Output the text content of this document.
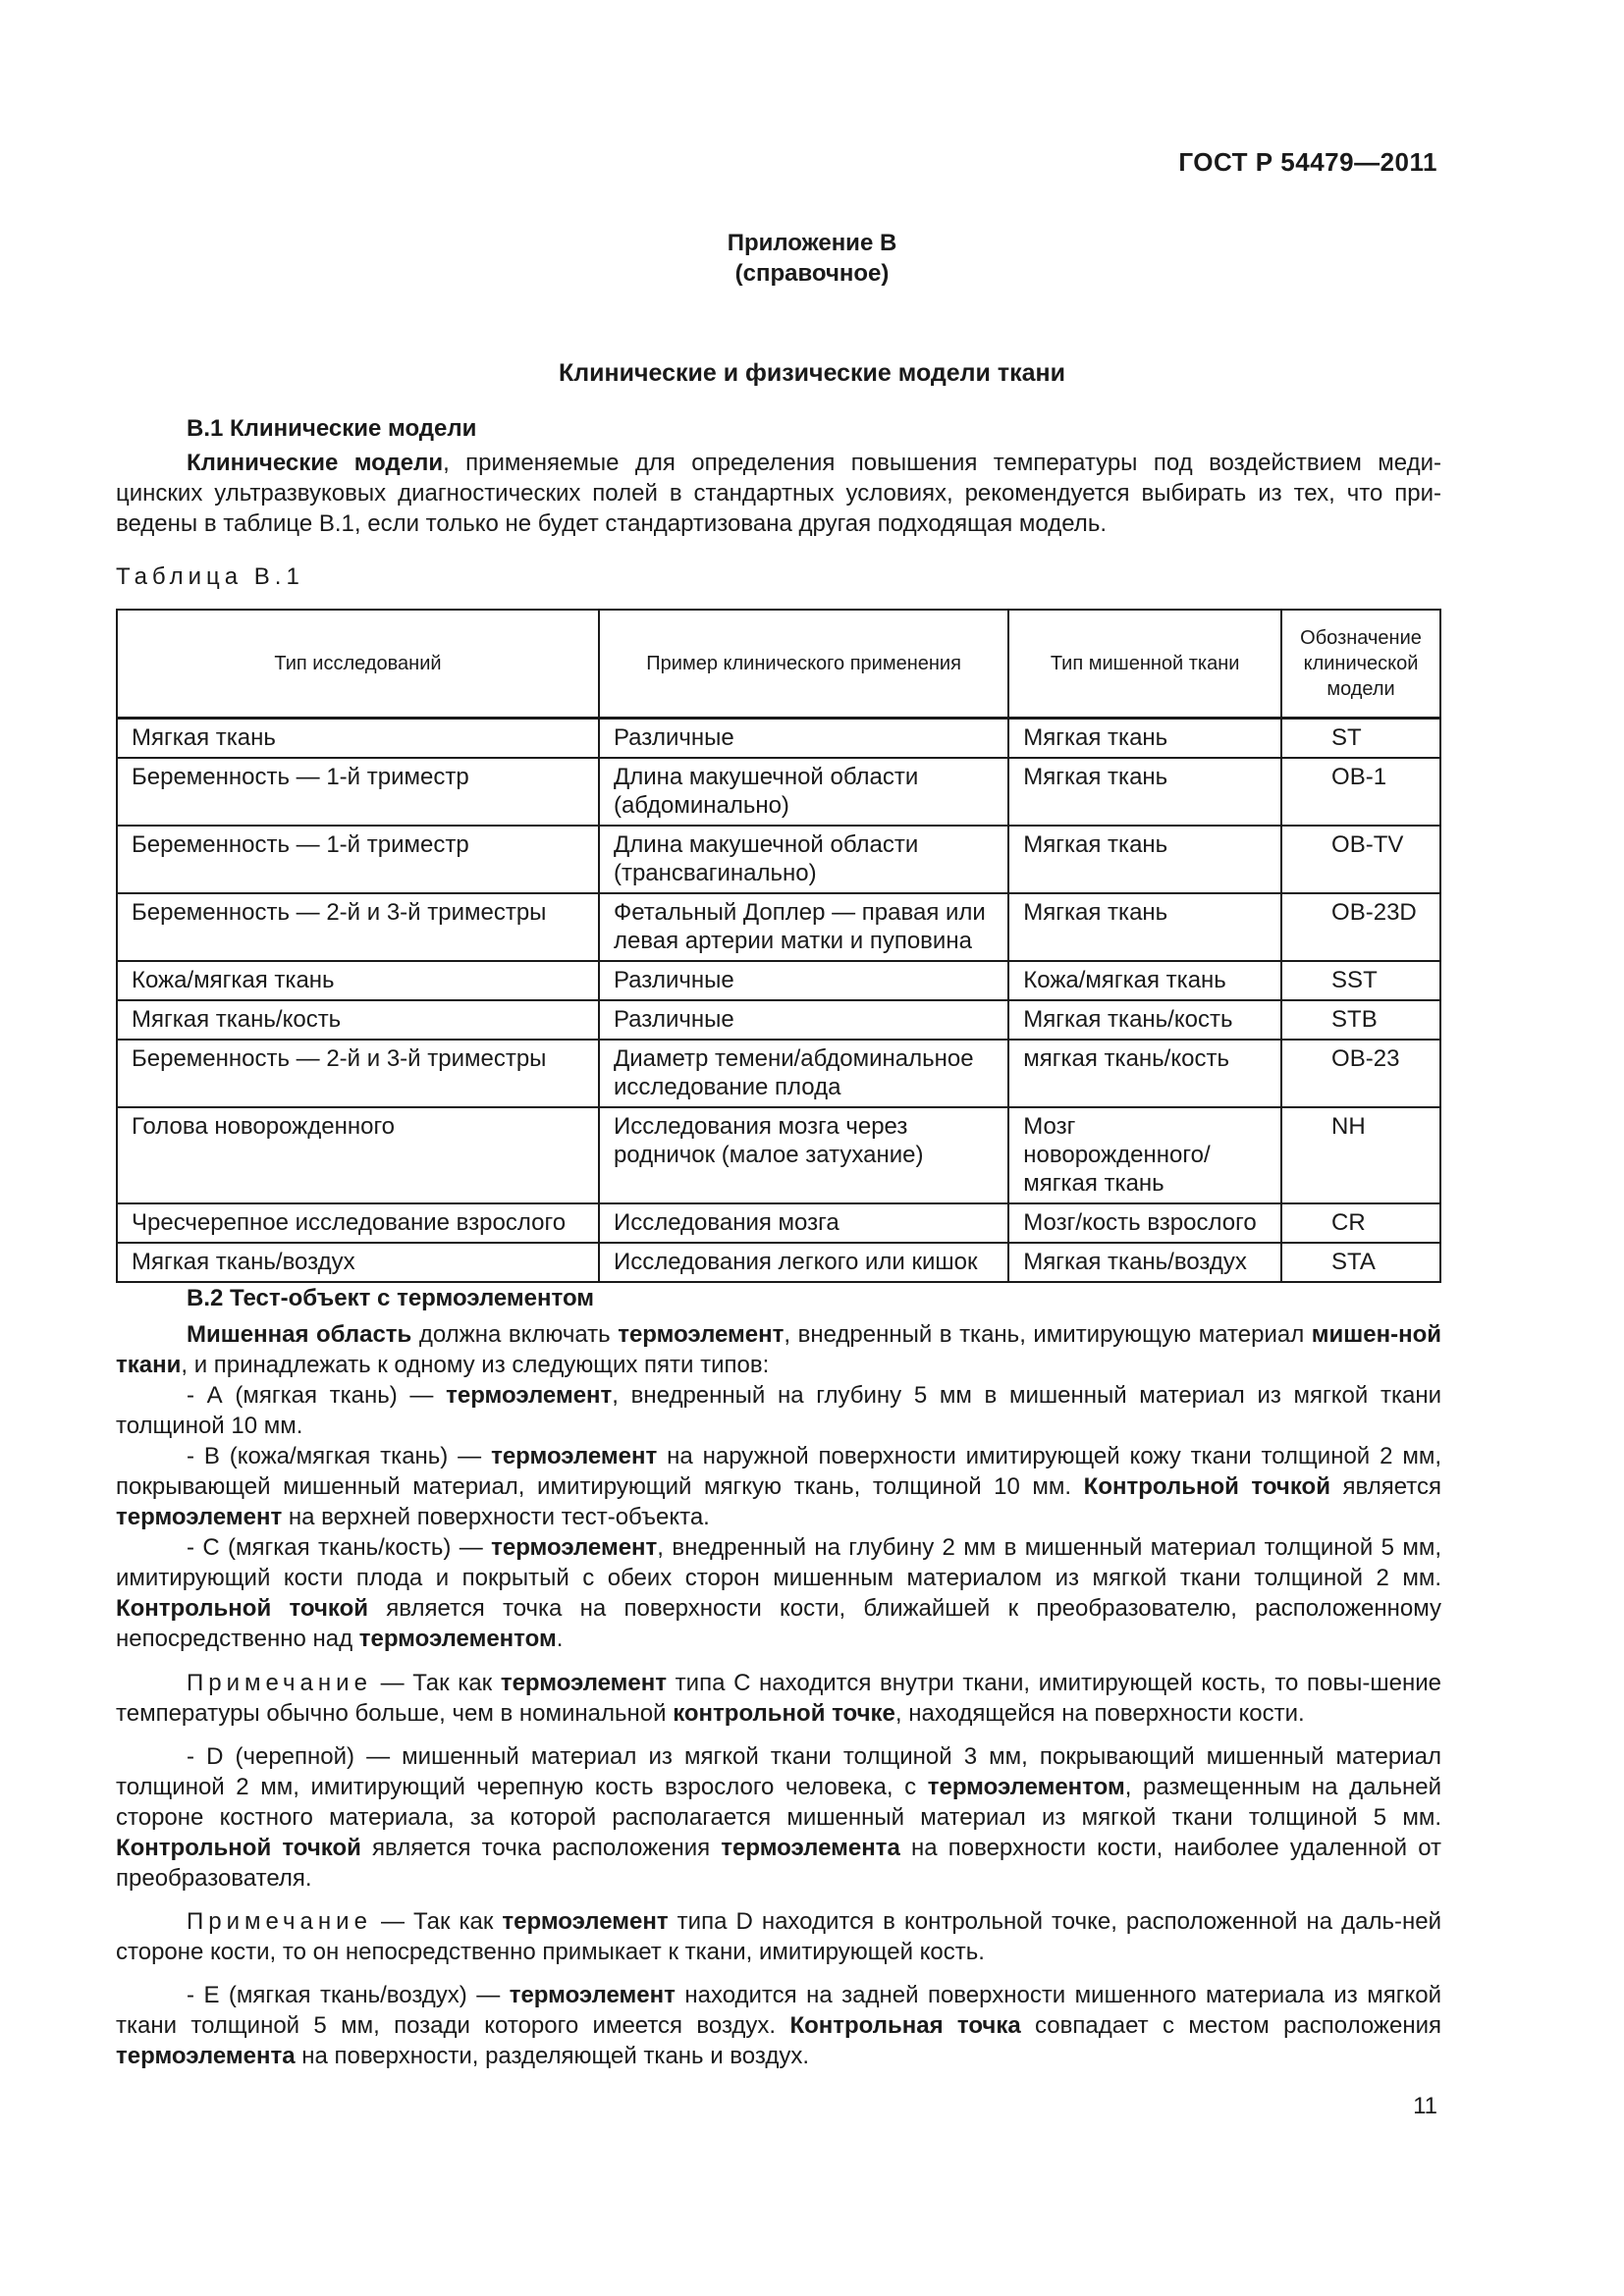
ГОСТ Р 54479—2011
Приложение В
(справочное)
Клинические и физические модели ткани

В.1 Клинические модели

Клинические модели, применяемые для определения повышения температуры под воздействием меди-цинских ультразвуковых диагностических полей в стандартных условиях, рекомендуется выбирать из тех, что при-ведены в таблице В.1, если только не будет стандартизована другая подходящая модель.

Таблица В.1

Тип исследований	Пример клинического применения	Тип мишенной ткани	Обозначение клинической модели
Мягкая ткань	Различные	Мягкая ткань	ST
Беременность — 1-й триместр	Длина макушечной области (абдоминально)	Мягкая ткань	OB-1
Беременность — 1-й триместр	Длина макушечной области (трансвагинально)	Мягкая ткань	OB-TV
Беременность — 2-й и 3-й триместры	Фетальный Доплер — правая или левая артерии матки и пуповина	Мягкая ткань	OB-23D
Кожа/мягкая ткань	Различные	Кожа/мягкая ткань	SST
Мягкая ткань/кость	Различные	Мягкая ткань/кость	STB
Беременность — 2-й и 3-й триместры	Диаметр темени/абдоминальное исследование плода	мягкая ткань/кость	OB-23
Голова новорожденного	Исследования мозга через родничок (малое затухание)	Мозг новорожденного/ мягкая ткань	NH
Чресчерепное исследование взрослого	Исследования мозга	Мозг/кость взрослого	CR
Мягкая ткань/воздух	Исследования легкого или кишок	Мягкая ткань/воздух	STA

В.2 Тест-объект с термоэлементом

Мишенная область должна включать термоэлемент, внедренный в ткань, имитирующую материал мишен-ной ткани, и принадлежать к одному из следующих пяти типов:

- А (мягкая ткань) — термоэлемент, внедренный на глубину 5 мм в мишенный материал из мягкой ткани толщиной 10 мм.

- В (кожа/мягкая ткань) — термоэлемент на наружной поверхности имитирующей кожу ткани толщиной 2 мм, покрывающей мишенный материал, имитирующий мягкую ткань, толщиной 10 мм. Контрольной точкой является термоэлемент на верхней поверхности тест-объекта.

- С (мягкая ткань/кость) — термоэлемент, внедренный на глубину 2 мм в мишенный материал толщиной 5 мм, имитирующий кости плода и покрытый с обеих сторон мишенным материалом из мягкой ткани толщиной 2 мм. Контрольной точкой является точка на поверхности кости, ближайшей к преобразователю, расположенному непосредственно над термоэлементом.

Примечание — Так как термоэлемент типа С находится внутри ткани, имитирующей кость, то повы-шение температуры обычно больше, чем в номинальной контрольной точке, находящейся на поверхности кости.

- D (черепной) — мишенный материал из мягкой ткани толщиной 3 мм, покрывающий мишенный материал толщиной 2 мм, имитирующий черепную кость взрослого человека, с термоэлементом, размещенным на дальней стороне костного материала, за которой располагается мишенный материал из мягкой ткани толщиной 5 мм. Контрольной точкой является точка расположения термоэлемента на поверхности кости, наиболее удаленной от преобразователя.

Примечание — Так как термоэлемент типа D находится в контрольной точке, расположенной на даль-ней стороне кости, то он непосредственно примыкает к ткани, имитирующей кость.

- Е (мягкая ткань/воздух) — термоэлемент находится на задней поверхности мишенного материала из мягкой ткани толщиной 5 мм, позади которого имеется воздух. Контрольная точка совпадает с местом расположения термоэлемента на поверхности, разделяющей ткань и воздух.

11
